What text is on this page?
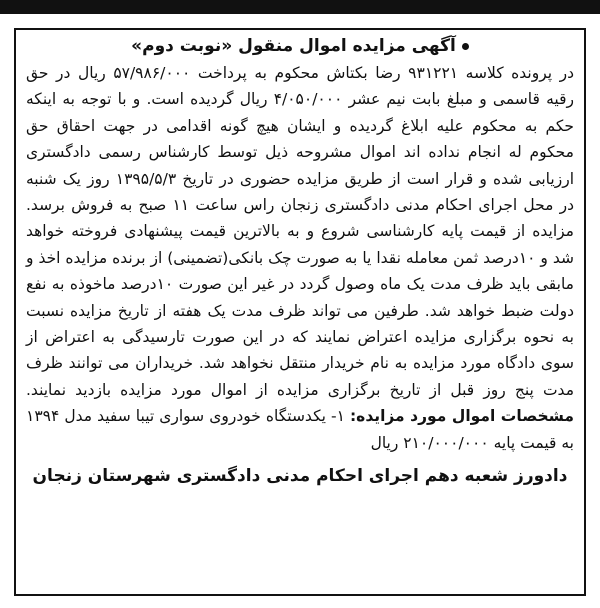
آگهی مزایده اموال منقول «نوبت دوم»
در پرونده کلاسه ۹۳۱۲۲۱ رضا بکتاش محکوم به پرداخت ۵۷/۹۸۶/۰۰۰ ریال در حق رقیه قاسمی و مبلغ بابت نیم عشر ۴/۰۵۰/۰۰۰ ریال گردیده است. و با توجه به اینکه حکم به محکوم علیه ابلاغ گردیده و ایشان هیچ گونه اقدامی در جهت احقاق حق محکوم له انجام نداده اند اموال مشروحه ذیل توسط کارشناس رسمی دادگستری ارزیابی شده و قرار است از طریق مزایده حضوری در تاریخ ۱۳۹۵/۵/۳ روز یک شنبه در محل اجرای احکام مدنی دادگستری زنجان راس ساعت ۱۱ صبح به فروش برسد. مزایده از قیمت پایه کارشناسی شروع و به بالاترین قیمت پیشنهادی فروخته خواهد شد و ۱۰درصد ثمن معامله نقدا یا به صورت چک بانکی(تضمینی) از برنده مزایده اخذ و مابقی باید ظرف مدت یک ماه وصول گردد در غیر این صورت ۱۰درصد ماخوذه به نفع دولت ضبط خواهد شد. طرفین می تواند ظرف مدت یک هفته از تاریخ مزایده نسبت به نحوه برگزاری مزایده اعتراض نمایند که در این صورت تارسیدگی به اعتراض از سوی دادگاه مورد مزایده به نام خریدار منتقل نخواهد شد. خریداران می توانند ظرف مدت پنج روز قبل از تاریخ برگزاری مزایده از اموال مورد مزایده بازدید نمایند. مشخصات اموال مورد مزایده: ۱- یکدستگاه خودروی سواری تیبا سفید مدل ۱۳۹۴ به قیمت پایه ۲۱۰/۰۰۰/۰۰۰ ریال
دادورز شعبه دهم اجرای احکام مدنی دادگستری شهرستان زنجان
